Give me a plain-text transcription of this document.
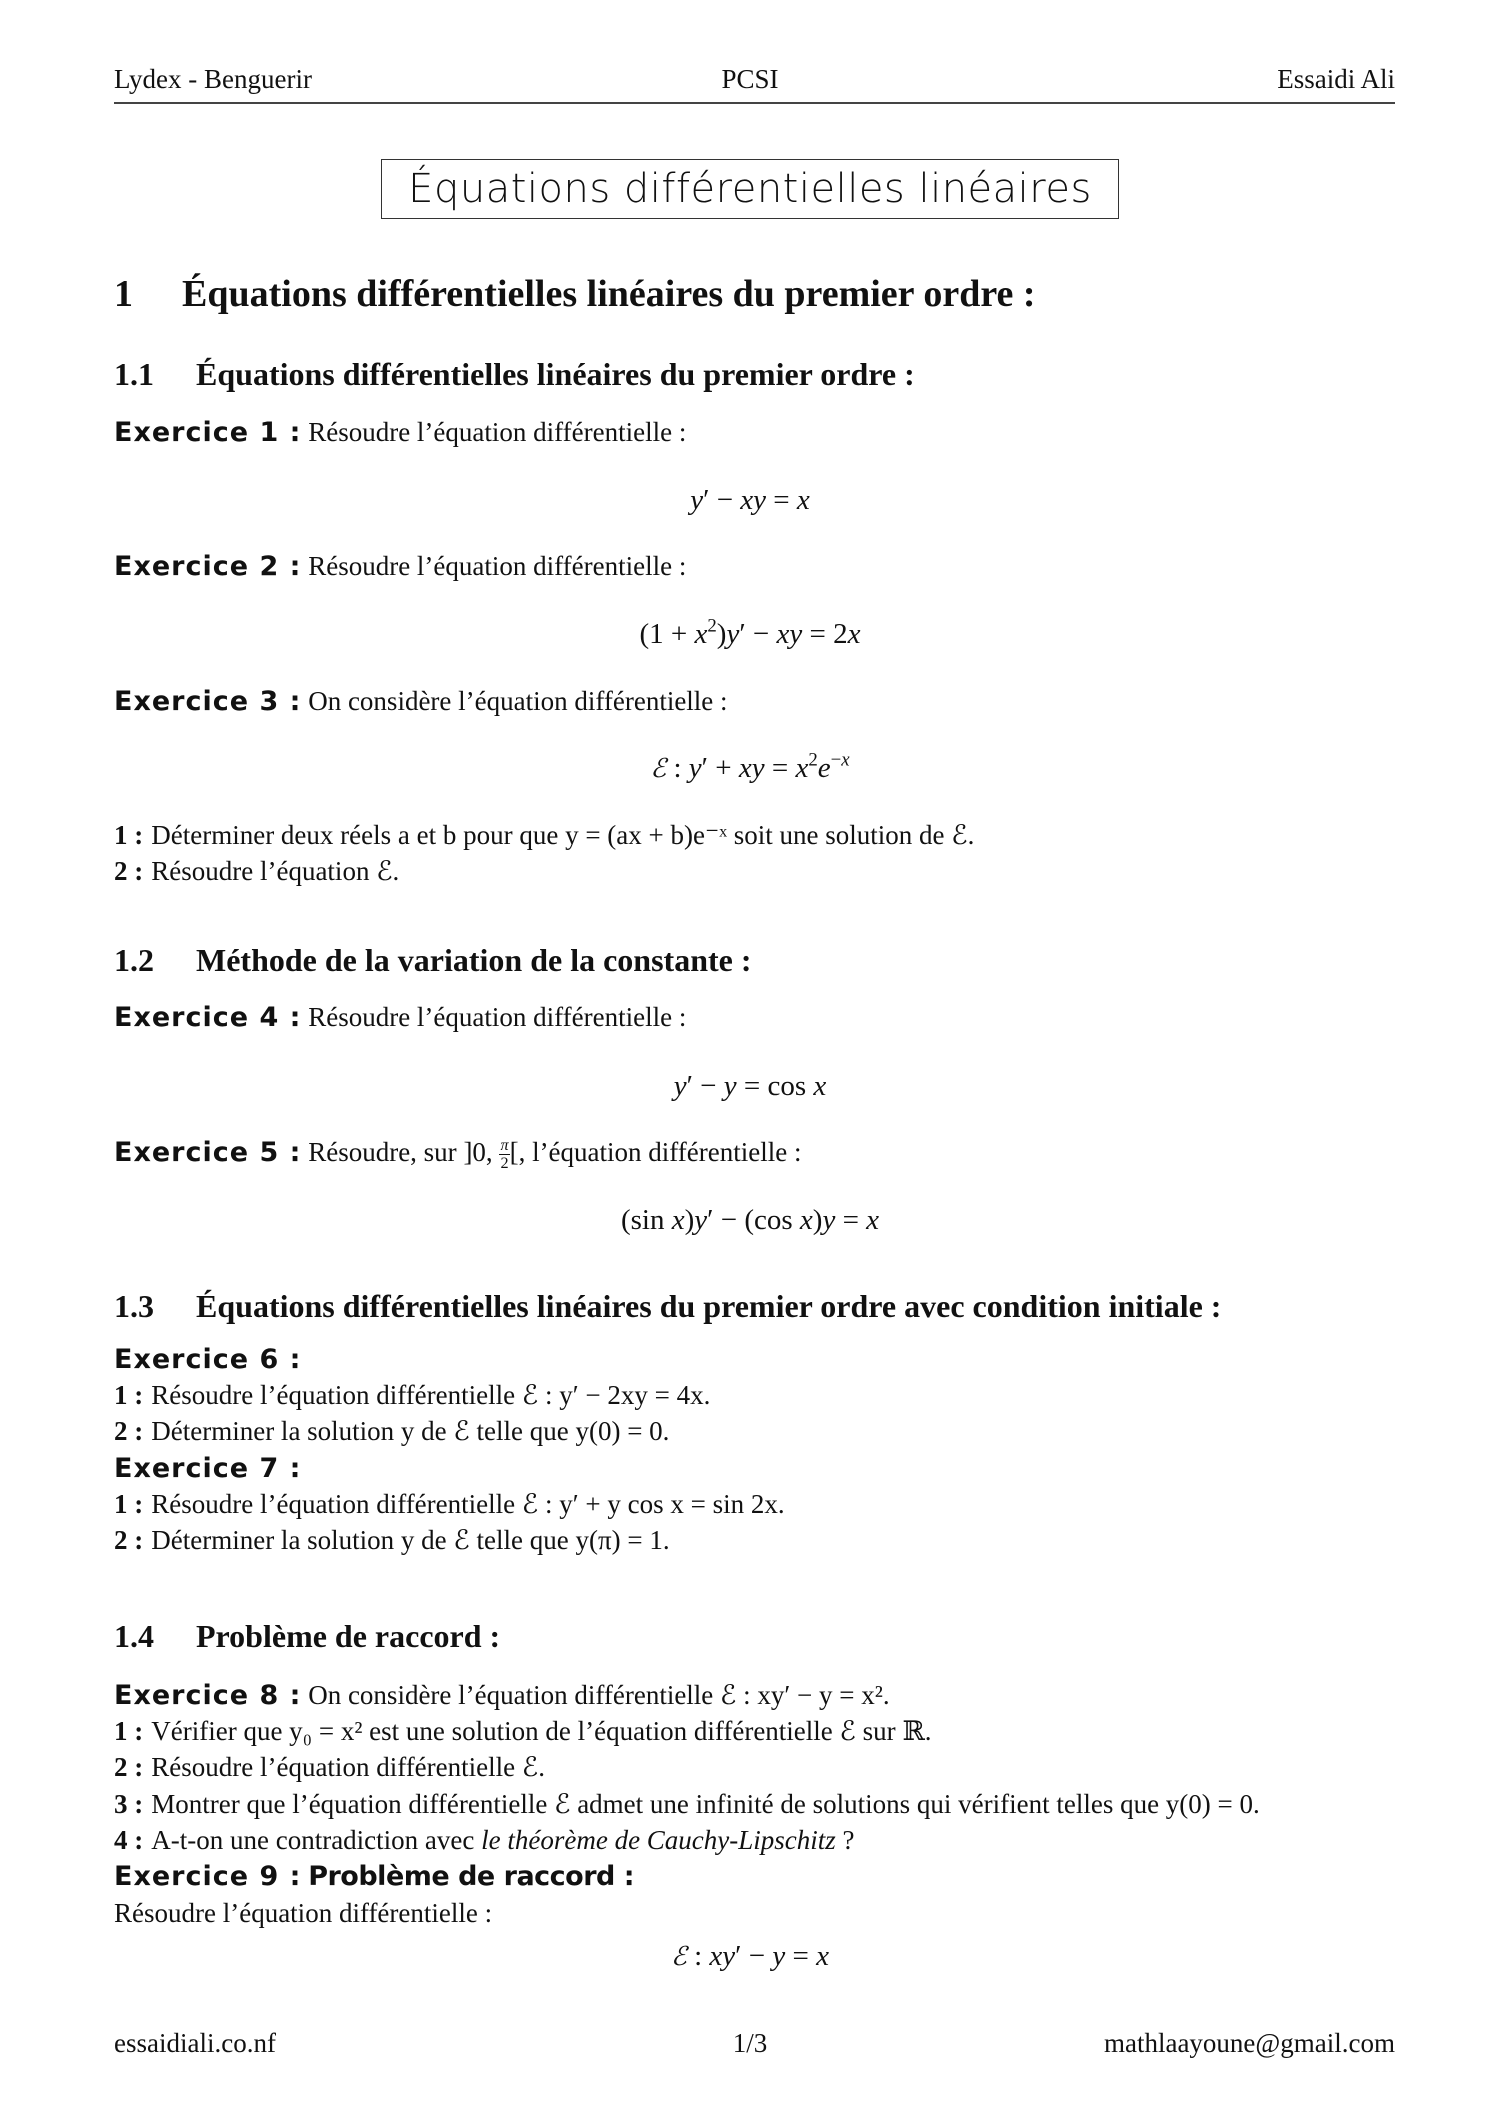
Lydex - Benguerir	PCSI	Essaidi Ali
Équations différentielles linéaires
1 Équations différentielles linéaires du premier ordre :
1.1 Équations différentielles linéaires du premier ordre :
Exercice 1 : Résoudre l’équation différentielle :
y′ − xy = x
Exercice 2 : Résoudre l’équation différentielle :
$(1 + x^2)y'$ − xy = 2x
Exercice 3 : On considère l’équation différentielle :
ℰ : y′ + xy = $x^2e^{-x}$
1 : Déterminer deux réels a et b pour que y = (ax + b)e⁻ˣ soit une solution de ℰ.
2 : Résoudre l’équation ℰ.
1.2 Méthode de la variation de la constante :
Exercice 4 : Résoudre l’équation différentielle :
y′ − y = cos x
Exercice 5 : Résoudre, sur ]0, $\frac{\pi}{2}$ [, l’équation différentielle :
(sin x)y′ − (cos x)y = x
1.3 Équations différentielles linéaires du premier ordre avec condition initiale :
Exercice 6 :
1 : Résoudre l’équation différentielle ℰ : y′ − 2xy = 4x.
2 : Déterminer la solution y de ℰ telle que y(0) = 0.
Exercice 7 :
1 : Résoudre l’équation différentielle ℰ : y′ + y cos x = sin 2x.
2 : Déterminer la solution y de ℰ telle que y(π) = 1.
1.4 Problème de raccord :
Exercice 8 : On considère l’équation différentielle ℰ : xy′ − y = x².
1 : Vérifier que y₀ = x² est une solution de l’équation différentielle ℰ sur ℝ.
2 : Résoudre l’équation différentielle ℰ.
3 : Montrer que l’équation différentielle ℰ admet une infinité de solutions qui vérifient telles que y(0) = 0.
4 : A-t-on une contradiction avec le théorème de Cauchy-Lipschitz ?
Exercice 9 : Problème de raccord :
Résoudre l’équation différentielle :
ℰ : xy′ − y = x
essaidiali.co.nf	1/3	mathlaayoune@gmail.com
